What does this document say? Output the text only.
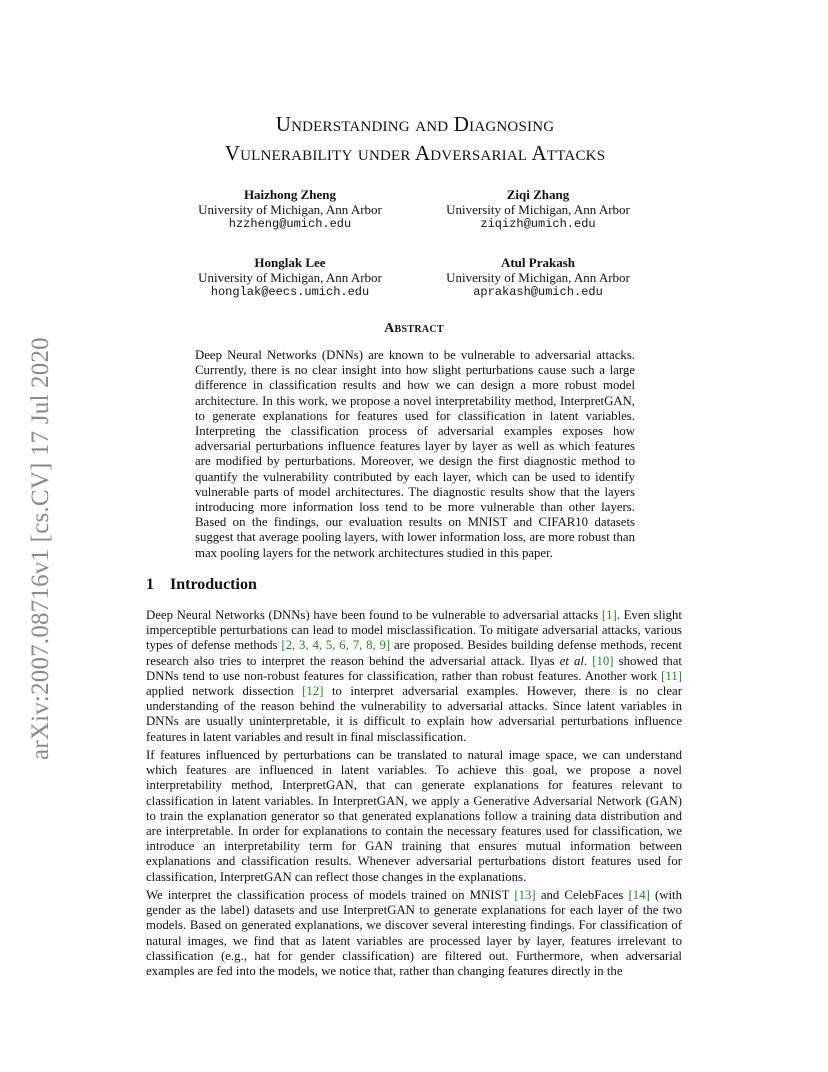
arXiv:2007.08716v1 [cs.CV] 17 Jul 2020
Understanding and Diagnosing
Vulnerability under Adversarial Attacks
Haizhong Zheng
University of Michigan, Ann Arbor
hzzheng@umich.edu
Ziqi Zhang
University of Michigan, Ann Arbor
ziqizh@umich.edu
Honglak Lee
University of Michigan, Ann Arbor
honglak@eecs.umich.edu
Atul Prakash
University of Michigan, Ann Arbor
aprakash@umich.edu
Abstract
Deep Neural Networks (DNNs) are known to be vulnerable to adversarial attacks. Currently, there is no clear insight into how slight perturbations cause such a large difference in classification results and how we can design a more robust model architecture. In this work, we propose a novel interpretability method, InterpretGAN, to generate explanations for features used for classification in latent variables. Interpreting the classification process of adversarial examples exposes how adversarial perturbations influence features layer by layer as well as which features are modified by perturbations. Moreover, we design the first diagnostic method to quantify the vulnerability contributed by each layer, which can be used to identify vulnerable parts of model architectures. The diagnostic results show that the layers introducing more information loss tend to be more vulnerable than other layers. Based on the findings, our evaluation results on MNIST and CIFAR10 datasets suggest that average pooling layers, with lower information loss, are more robust than max pooling layers for the network architectures studied in this paper.
1 Introduction
Deep Neural Networks (DNNs) have been found to be vulnerable to adversarial attacks [1]. Even slight imperceptible perturbations can lead to model misclassification. To mitigate adversarial attacks, various types of defense methods [2, 3, 4, 5, 6, 7, 8, 9] are proposed. Besides building defense methods, recent research also tries to interpret the reason behind the adversarial attack. Ilyas et al. [10] showed that DNNs tend to use non-robust features for classification, rather than robust features. Another work [11] applied network dissection [12] to interpret adversarial examples. However, there is no clear understanding of the reason behind the vulnerability to adversarial attacks. Since latent variables in DNNs are usually uninterpretable, it is difficult to explain how adversarial perturbations influence features in latent variables and result in final misclassification.
If features influenced by perturbations can be translated to natural image space, we can understand which features are influenced in latent variables. To achieve this goal, we propose a novel interpretability method, InterpretGAN, that can generate explanations for features relevant to classification in latent variables. In InterpretGAN, we apply a Generative Adversarial Network (GAN) to train the explanation generator so that generated explanations follow a training data distribution and are interpretable. In order for explanations to contain the necessary features used for classification, we introduce an interpretability term for GAN training that ensures mutual information between explanations and classification results. Whenever adversarial perturbations distort features used for classification, InterpretGAN can reflect those changes in the explanations.
We interpret the classification process of models trained on MNIST [13] and CelebFaces [14] (with gender as the label) datasets and use InterpretGAN to generate explanations for each layer of the two models. Based on generated explanations, we discover several interesting findings. For classification of natural images, we find that as latent variables are processed layer by layer, features irrelevant to classification (e.g., hat for gender classification) are filtered out. Furthermore, when adversarial examples are fed into the models, we notice that, rather than changing features directly in the
